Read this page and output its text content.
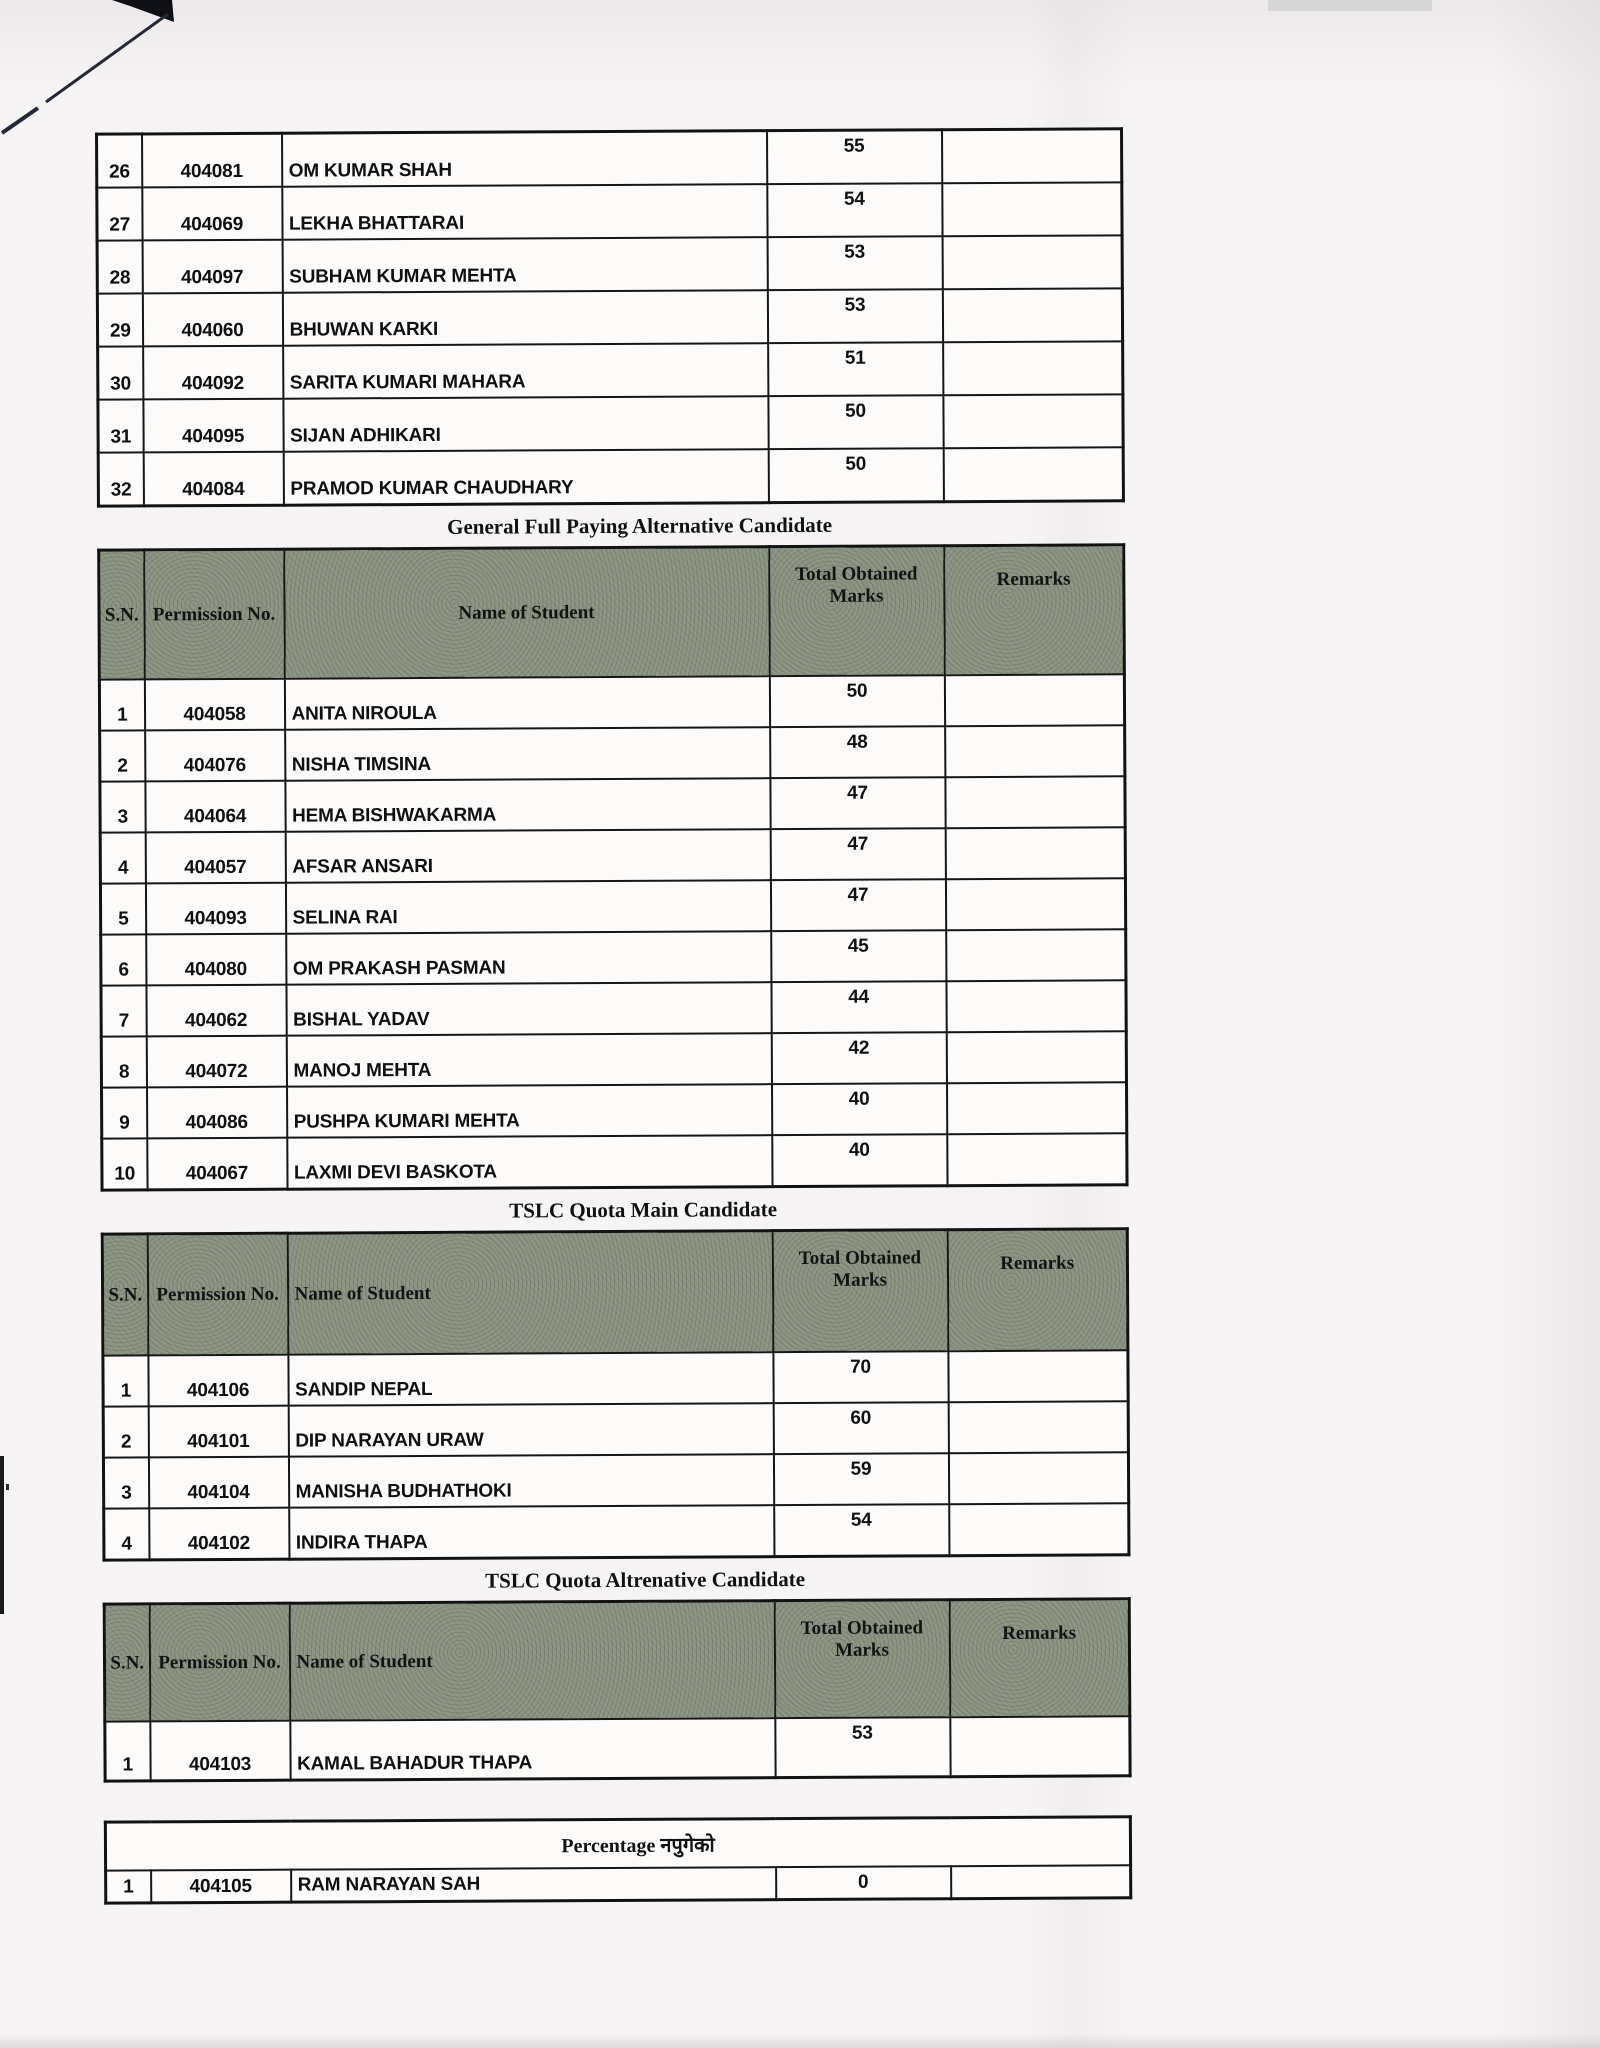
26	404081	OM KUMAR SHAH	55	
27	404069	LEKHA BHATTARAI	54	
28	404097	SUBHAM KUMAR MEHTA	53	
29	404060	BHUWAN KARKI	53	
30	404092	SARITA KUMARI MAHARA	51	
31	404095	SIJAN ADHIKARI	50	
32	404084	PRAMOD KUMAR CHAUDHARY	50	
General Full Paying Alternative Candidate
S.N.	Permission No.	Name of Student	Total Obtained Marks	Remarks
1	404058	ANITA NIROULA	50	
2	404076	NISHA TIMSINA	48	
3	404064	HEMA BISHWAKARMA	47	
4	404057	AFSAR ANSARI	47	
5	404093	SELINA RAI	47	
6	404080	OM PRAKASH PASMAN	45	
7	404062	BISHAL YADAV	44	
8	404072	MANOJ MEHTA	42	
9	404086	PUSHPA KUMARI MEHTA	40	
10	404067	LAXMI DEVI BASKOTA	40	
TSLC Quota Main Candidate
S.N.	Permission No.	Name of Student	Total Obtained Marks	Remarks
1	404106	SANDIP NEPAL	70	
2	404101	DIP NARAYAN URAW	60	
3	404104	MANISHA BUDHATHOKI	59	
4	404102	INDIRA THAPA	54	
TSLC Quota Altrenative Candidate
S.N.	Permission No.	Name of Student	Total Obtained Marks	Remarks
1	404103	KAMAL BAHADUR THAPA	53	
Percentage नपुगेको
1	404105	RAM NARAYAN SAH	0	
